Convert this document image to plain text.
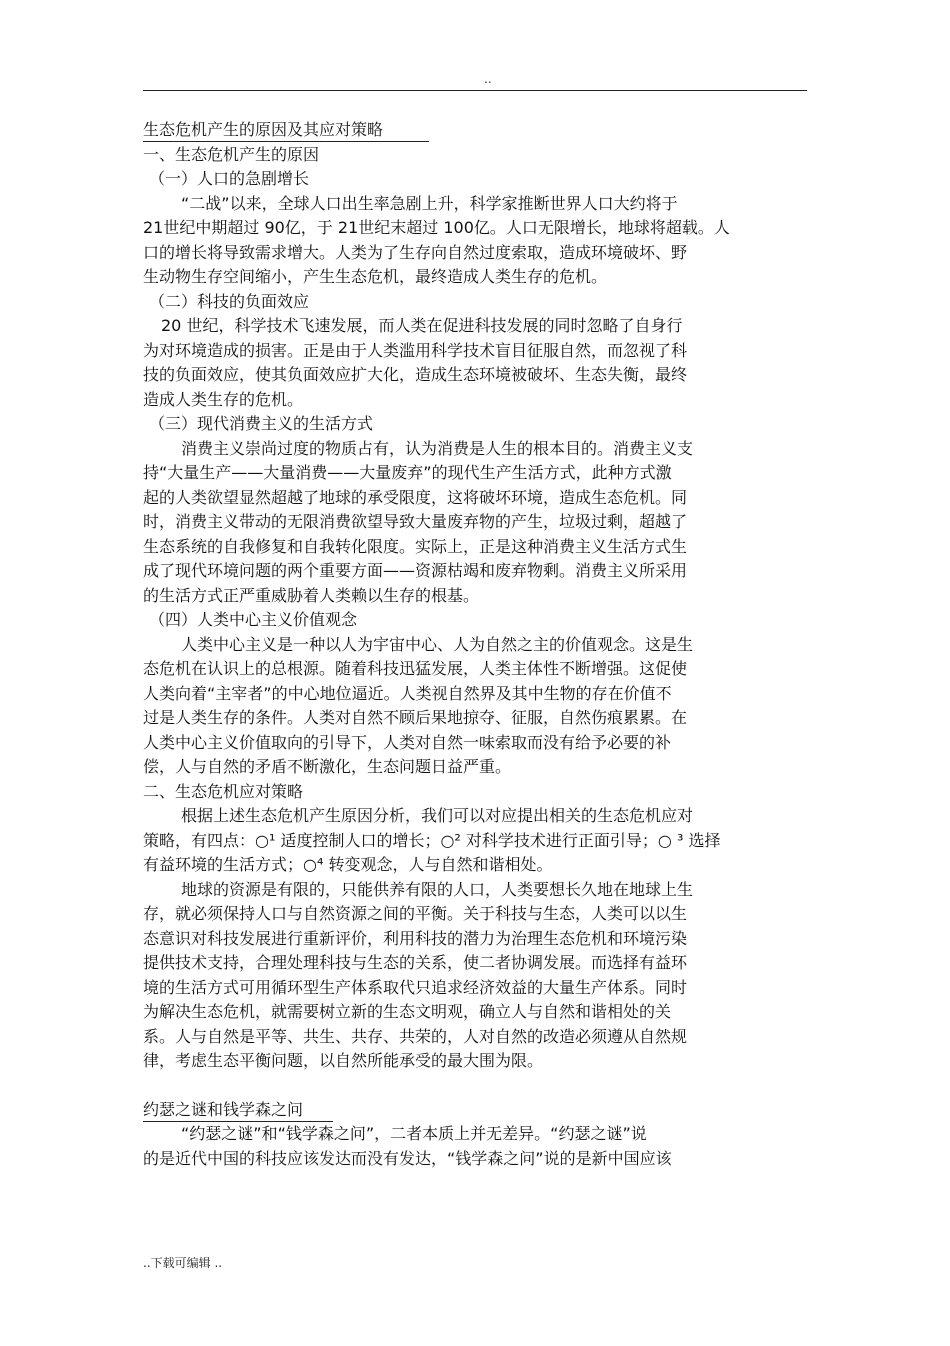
..
生态危机产生的原因及其应对策略
一、生态危机产生的原因
（一）人口的急剧增长
“二战”以来，全球人口出生率急剧上升，科学家推断世界人口大约将于
21世纪中期超过 90亿，于 21世纪末超过 100亿。人口无限增长，地球将超载。人
口的增长将导致需求增大。人类为了生存向自然过度索取，造成环境破坏、野
生动物生存空间缩小，产生生态危机，最终造成人类生存的危机。
（二）科技的负面效应
20 世纪，科学技术飞速发展，而人类在促进科技发展的同时忽略了自身行
为对环境造成的损害。正是由于人类滥用科学技术盲目征服自然，而忽视了科
技的负面效应，使其负面效应扩大化，造成生态环境被破坏、生态失衡，最终
造成人类生存的危机。
（三）现代消费主义的生活方式
消费主义崇尚过度的物质占有，认为消费是人生的根本目的。消费主义支
持“大量生产——大量消费——大量废弃”的现代生产生活方式，此种方式激
起的人类欲望显然超越了地球的承受限度，这将破坏环境，造成生态危机。同
时，消费主义带动的无限消费欲望导致大量废弃物的产生，垃圾过剩，超越了
生态系统的自我修复和自我转化限度。实际上，正是这种消费主义生活方式生
成了现代环境问题的两个重要方面——资源枯竭和废弃物剩。消费主义所采用
的生活方式正严重威胁着人类赖以生存的根基。
（四）人类中心主义价值观念
人类中心主义是一种以人为宇宙中心、人为自然之主的价值观念。这是生
态危机在认识上的总根源。随着科技迅猛发展，人类主体性不断增强。这促使
人类向着“主宰者”的中心地位逼近。人类视自然界及其中生物的存在价值不
过是人类生存的条件。人类对自然不顾后果地掠夺、征服，自然伤痕累累。在
人类中心主义价值取向的引导下，人类对自然一味索取而没有给予必要的补
偿，人与自然的矛盾不断激化，生态问题日益严重。
二、生态危机应对策略
根据上述生态危机产生原因分析，我们可以对应提出相关的生态危机应对
策略，有四点：○¹ 适度控制人口的增长；○² 对科学技术进行正面引导；○ ³ 选择
有益环境的生活方式；○⁴ 转变观念，人与自然和谐相处。
地球的资源是有限的，只能供养有限的人口，人类要想长久地在地球上生
存，就必须保持人口与自然资源之间的平衡。关于科技与生态，人类可以以生
态意识对科技发展进行重新评价，利用科技的潜力为治理生态危机和环境污染
提供技术支持，合理处理科技与生态的关系，使二者协调发展。而选择有益环
境的生活方式可用循环型生产体系取代只追求经济效益的大量生产体系。同时
为解决生态危机，就需要树立新的生态文明观，确立人与自然和谐相处的关
系。人与自然是平等、共生、共存、共荣的，人对自然的改造必须遵从自然规
律，考虑生态平衡问题，以自然所能承受的最大围为限。
约瑟之谜和钱学森之问
“约瑟之谜”和“钱学森之问”，二者本质上并无差异。“约瑟之谜”说
的是近代中国的科技应该发达而没有发达，“钱学森之问”说的是新中国应该
..下载可编辑 ..
